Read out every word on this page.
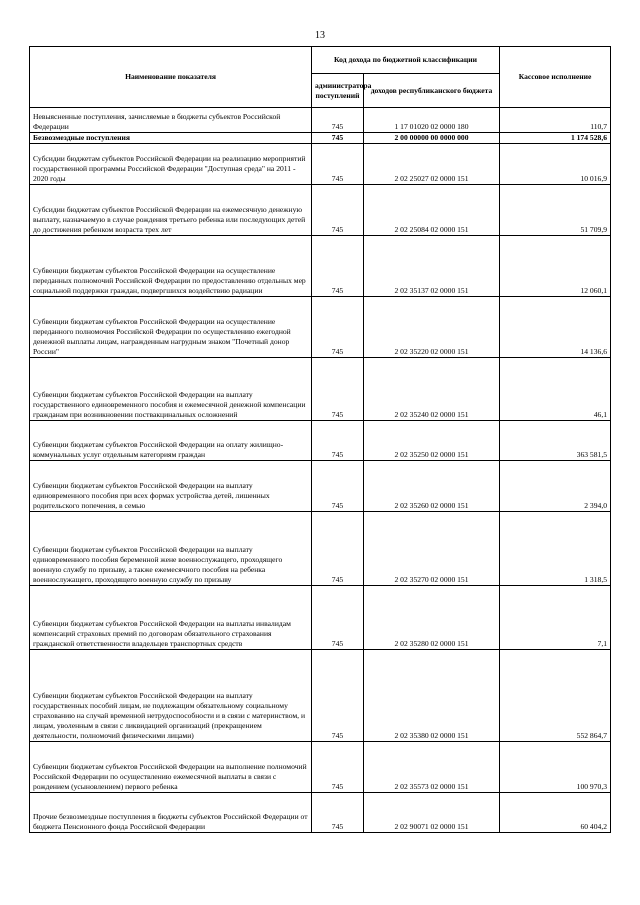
13
Наименование показателя	Код дохода по бюджетной классификации		Кассовое исполнение
	администратора поступлений	доходов республиканского бюджета	
Невыясненные поступления, зачисляемые в бюджеты субъектов Российской Федерации	745	1 17 01020 02 0000 180	110,7
Безвозмездные поступления	745	2 00 00000 00 0000 000	1 174 528,6
Субсидии бюджетам субъектов Российской Федерации на реализацию мероприятий государственной программы Российской Федерации "Доступная среда" на 2011 - 2020 годы	745	2 02 25027 02 0000 151	10 016,9
Субсидии бюджетам субъектов Российской Федерации на ежемесячную денежную выплату, назначаемую в случае рождения третьего ребенка или последующих детей до достижения ребенком возраста трех лет	745	2 02 25084 02 0000 151	51 709,9
Субвенции бюджетам субъектов Российской Федерации на осуществление переданных полномочий Российской Федерации по предоставлению отдельных мер социальной поддержки граждан, подвергшихся воздействию радиации	745	2 02 35137 02 0000 151	12 060,1
Субвенции бюджетам субъектов Российской Федерации на осуществление переданного полномочия Российской Федерации по осуществлению ежегодной денежной выплаты лицам, награжденным нагрудным знаком "Почетный донор России"	745	2 02 35220 02 0000 151	14 136,6
Субвенции бюджетам субъектов Российской Федерации на выплату государственного единовременного пособия и ежемесячной денежной компенсации гражданам при возникновении поствакцинальных осложнений	745	2 02 35240 02 0000 151	46,1
Субвенции бюджетам субъектов Российской Федерации на оплату жилищно-коммунальных услуг отдельным категориям граждан	745	2 02 35250 02 0000 151	363 581,5
Субвенции бюджетам субъектов Российской Федерации на выплату единовременного пособия при всех формах устройства детей, лишенных родительского попечения, в семью	745	2 02 35260 02 0000 151	2 394,0
Субвенции бюджетам субъектов Российской Федерации на выплату единовременного пособия беременной жене военнослужащего, проходящего военную службу по призыву, а также ежемесячного пособия на ребенка военнослужащего, проходящего военную службу по призыву	745	2 02 35270 02 0000 151	1 318,5
Субвенции бюджетам субъектов Российской Федерации на выплаты инвалидам компенсаций страховых премий по договорам обязательного страхования гражданской ответственности владельцев транспортных средств	745	2 02 35280 02 0000 151	7,1
Субвенции бюджетам субъектов Российской Федерации на выплату государственных пособий лицам, не подлежащим обязательному социальному страхованию на случай временной нетрудоспособности и в связи с материнством, и лицам, уволенным в связи с ликвидацией организаций (прекращением деятельности, полномочий физическими лицами)	745	2 02 35380 02 0000 151	552 864,7
Субвенции бюджетам субъектов Российской Федерации на выполнение полномочий Российской Федерации по осуществлению ежемесячной выплаты в связи с рождением (усыновлением) первого ребенка	745	2 02 35573 02 0000 151	100 970,3
Прочие безвозмездные поступления в бюджеты субъектов Российской Федерации от бюджета Пенсионного фонда Российской Федерации	745	2 02 90071 02 0000 151	60 404,2
